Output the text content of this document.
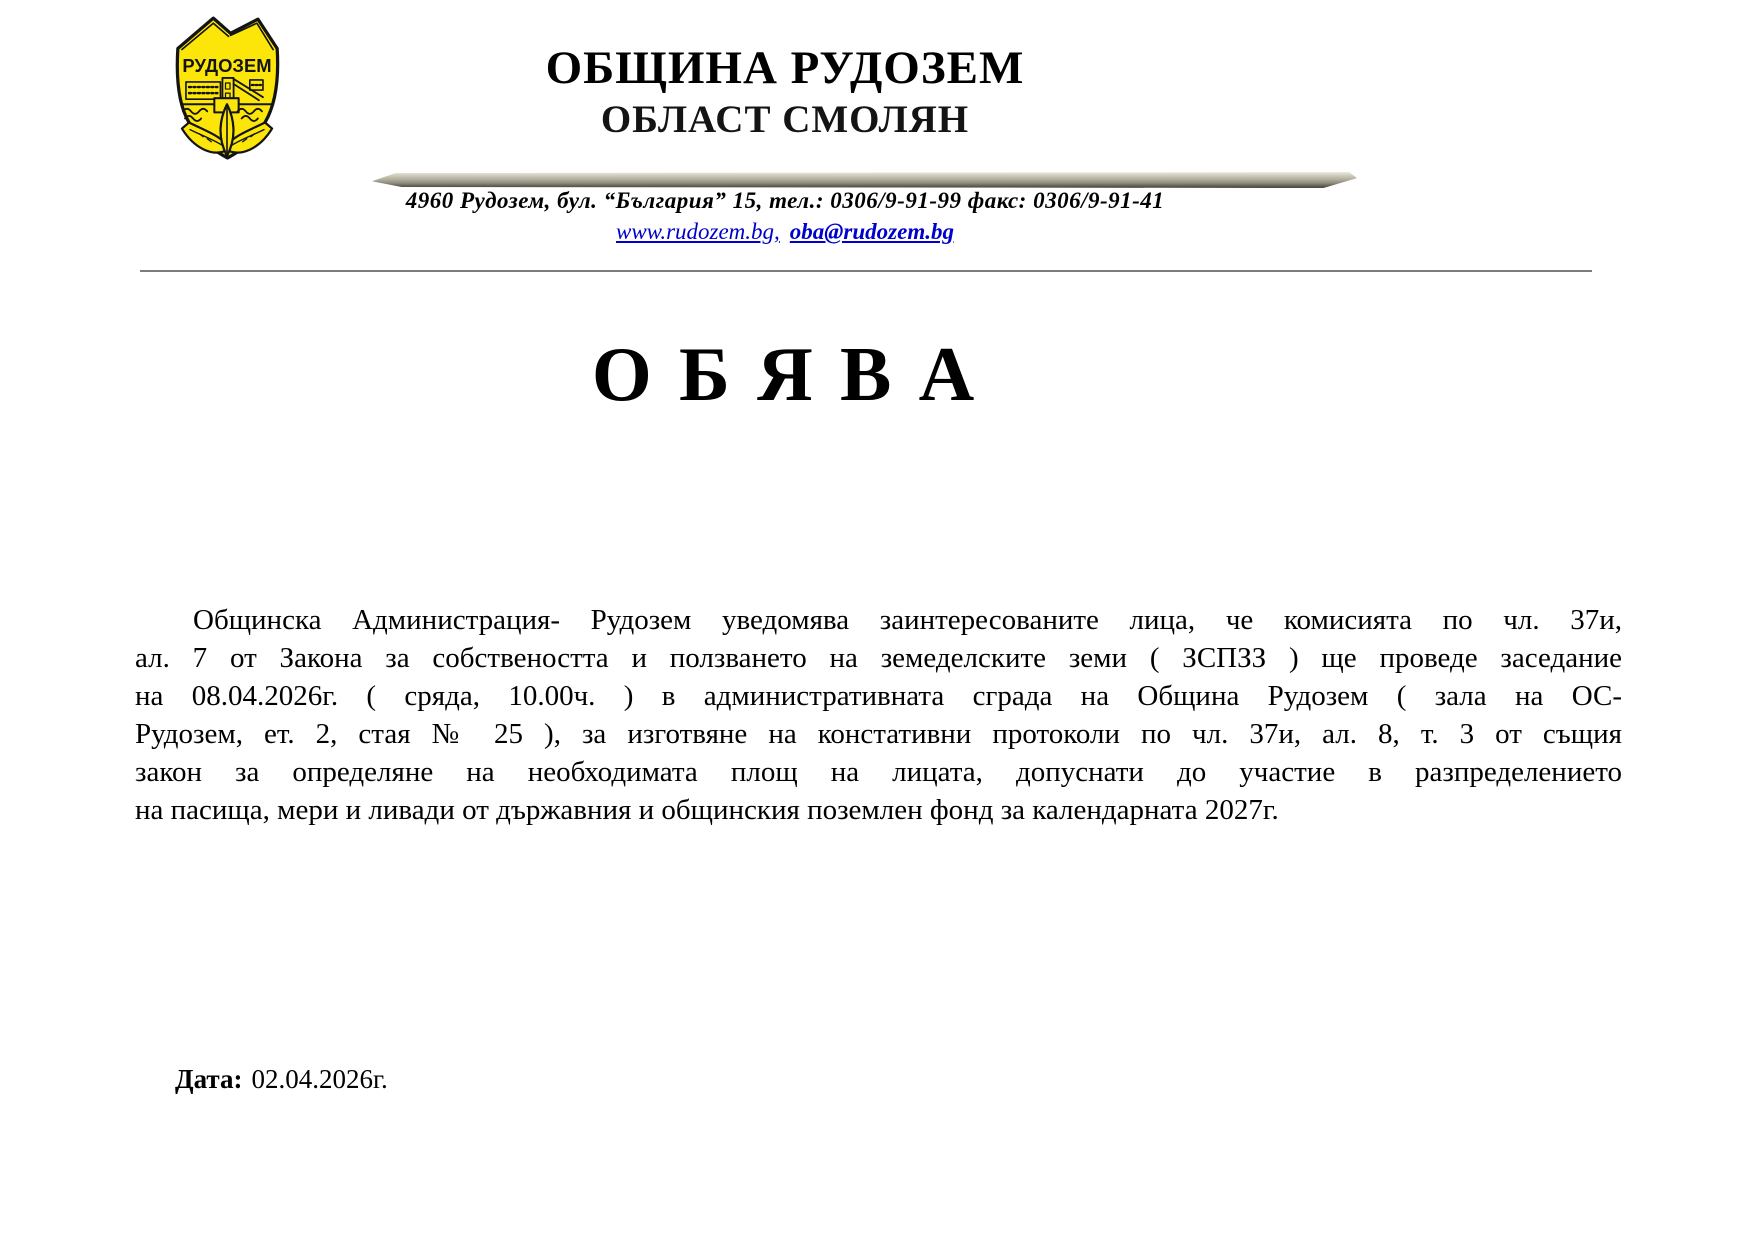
РУДОЗЕМ	ОБЩИНА РУДОЗЕМ
ОБЛАСТ СМОЛЯН
4960 Рудозем, бул. “България” 15, тел.: 0306/9-91-99 факс: 0306/9-91-41
www.rudozem.bg, oba@rudozem.bg
О Б Я В А
Общинска Администрация- Рудозем уведомява заинтересованите лица, че комисията по чл. 37и,
ал. 7 от Закона за собствеността и ползването на земеделските земи ( ЗСПЗЗ ) ще проведе заседание
на 08.04.2026г. ( сряда, 10.00ч. ) в административната сграда на Община Рудозем ( зала на ОС-
Рудозем, ет. 2, стая № 25 ), за изготвяне на констативни протоколи по чл. 37и, ал. 8, т. 3 от същия
закон за определяне на необходимата площ на лицата, допуснати до участие в разпределението
на пасища, мери и ливади от държавния и общинския поземлен фонд за календарната 2027г.
Дата: 02.04.2026г.
